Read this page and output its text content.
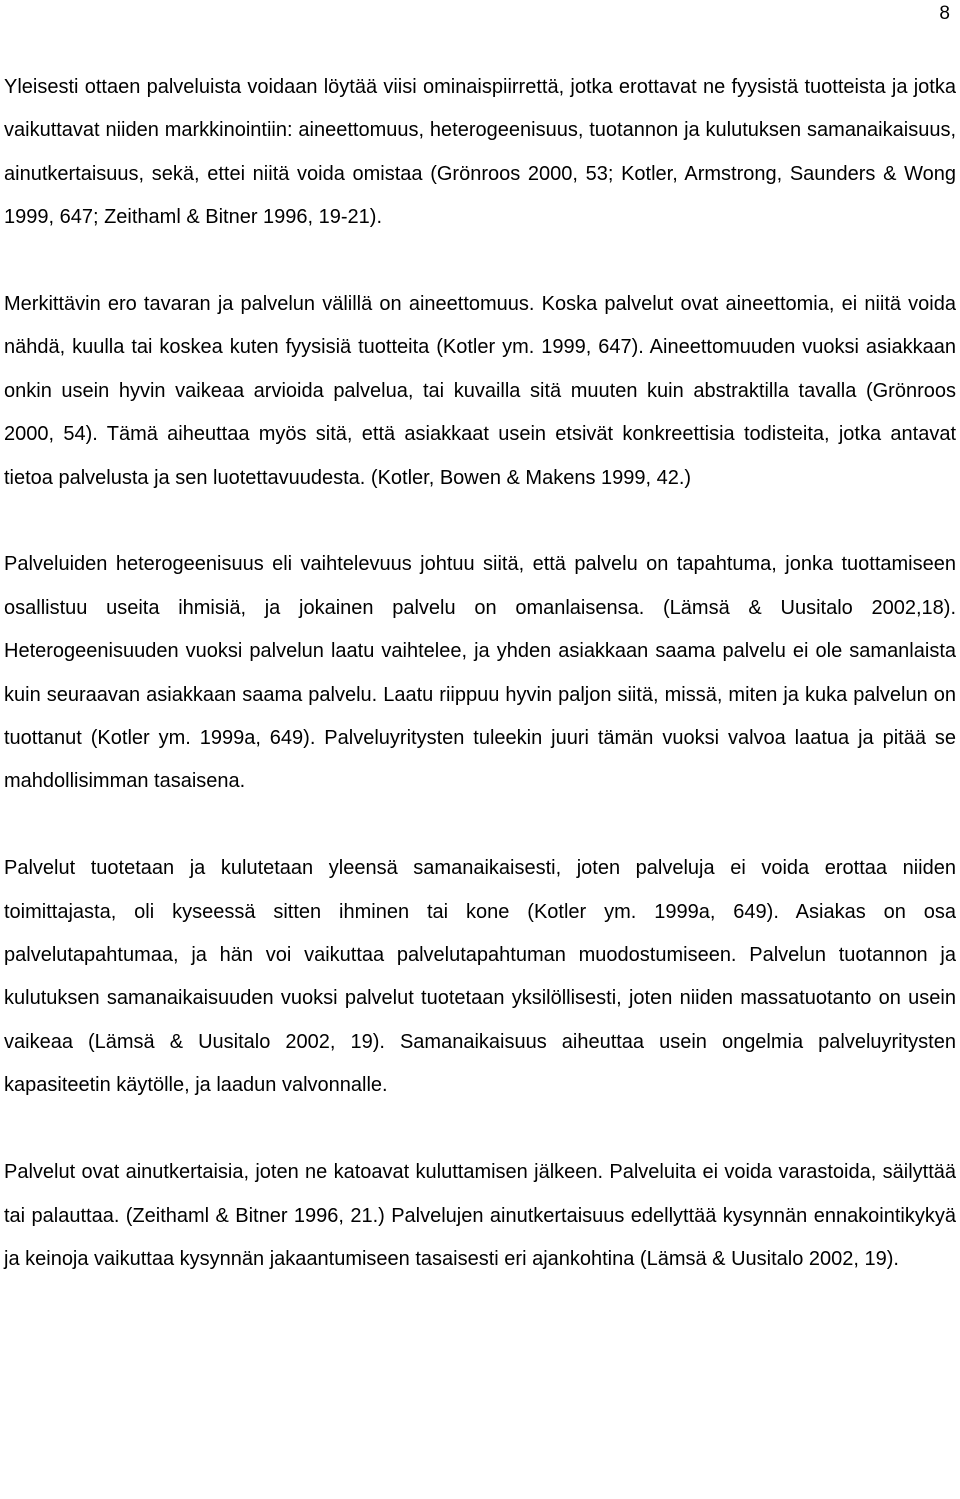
8

Yleisesti ottaen palveluista voidaan löytää viisi ominaispiirrettä, jotka erottavat ne fyysistä tuotteista ja jotka vaikuttavat niiden markkinointiin: aineettomuus, heterogeenisuus, tuotannon ja kulutuksen samanaikaisuus, ainutkertaisuus, sekä, ettei niitä voida omistaa (Grönroos 2000, 53; Kotler, Armstrong, Saunders & Wong 1999, 647; Zeithaml & Bitner 1996, 19-21).

Merkittävin ero tavaran ja palvelun välillä on aineettomuus. Koska palvelut ovat aineettomia, ei niitä voida nähdä, kuulla tai koskea kuten fyysisiä tuotteita (Kotler ym. 1999, 647). Aineettomuuden vuoksi asiakkaan onkin usein hyvin vaikeaa arvioida palvelua, tai kuvailla sitä muuten kuin abstraktilla tavalla (Grönroos 2000, 54). Tämä aiheuttaa myös sitä, että asiakkaat usein etsivät konkreettisia todisteita, jotka antavat tietoa palvelusta ja sen luotettavuudesta. (Kotler, Bowen & Makens 1999, 42.)

Palveluiden heterogeenisuus eli vaihtelevuus johtuu siitä, että palvelu on tapahtuma, jonka tuottamiseen osallistuu useita ihmisiä, ja jokainen palvelu on omanlaisensa. (Lämsä & Uusitalo 2002,18). Heterogeenisuuden vuoksi palvelun laatu vaihtelee, ja yhden asiakkaan saama palvelu ei ole samanlaista kuin seuraavan asiakkaan saama palvelu. Laatu riippuu hyvin paljon siitä, missä, miten ja kuka palvelun on tuottanut (Kotler ym. 1999a, 649). Palveluyritysten tuleekin juuri tämän vuoksi valvoa laatua ja pitää se mahdollisimman tasaisena.

Palvelut tuotetaan ja kulutetaan yleensä samanaikaisesti, joten palveluja ei voida erottaa niiden toimittajasta, oli kyseessä sitten ihminen tai kone (Kotler ym. 1999a, 649). Asiakas on osa palvelutapahtumaa, ja hän voi vaikuttaa palvelutapahtuman muodostumiseen. Palvelun tuotannon ja kulutuksen samanaikaisuuden vuoksi palvelut tuotetaan yksilöllisesti, joten niiden massatuotanto on usein vaikeaa (Lämsä & Uusitalo 2002, 19). Samanaikaisuus aiheuttaa usein ongelmia palveluyritysten kapasiteetin käytölle, ja laadun valvonnalle.

Palvelut ovat ainutkertaisia, joten ne katoavat kuluttamisen jälkeen. Palveluita ei voida varastoida, säilyttää tai palauttaa. (Zeithaml & Bitner 1996, 21.) Palvelujen ainutkertaisuus edellyttää kysynnän ennakointikykyä ja keinoja vaikuttaa kysynnän jakaantumiseen tasaisesti eri ajankohtina (Lämsä & Uusitalo 2002, 19).
